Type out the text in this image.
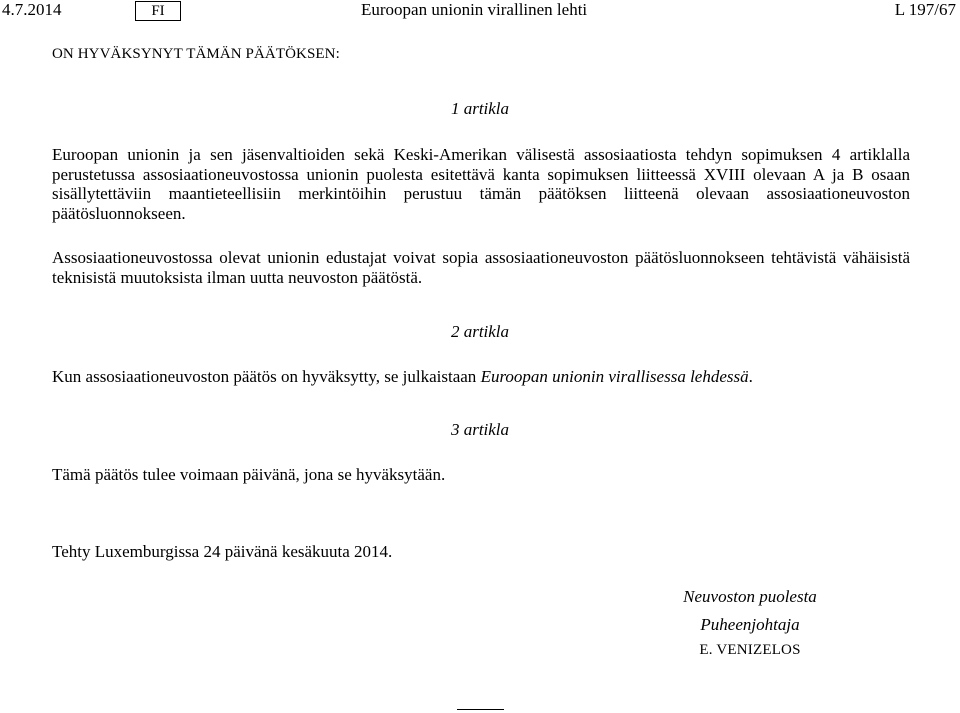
4.7.2014	FI	Euroopan unionin virallinen lehti	L 197/67
ON HYVÄKSYNYT TÄMÄN PÄÄTÖKSEN:
1 artikla
Euroopan unionin ja sen jäsenvaltioiden sekä Keski-Amerikan välisestä assosiaatiosta tehdyn sopimuksen 4 artiklalla perustetussa assosiaationeuvostossa unionin puolesta esitettävä kanta sopimuksen liitteessä XVIII olevaan A ja B osaan sisällytettäviin maantieteellisiin merkintöihin perustuu tämän päätöksen liitteenä olevaan assosiaationeuvoston päätösluonnokseen.
Assosiaationeuvostossa olevat unionin edustajat voivat sopia assosiaationeuvoston päätösluonnokseen tehtävistä vähäisistä teknisistä muutoksista ilman uutta neuvoston päätöstä.
2 artikla
Kun assosiaationeuvoston päätös on hyväksytty, se julkaistaan Euroopan unionin virallisessa lehdessä.
3 artikla
Tämä päätös tulee voimaan päivänä, jona se hyväksytään.
Tehty Luxemburgissa 24 päivänä kesäkuuta 2014.
Neuvoston puolesta
Puheenjohtaja
E. VENIZELOS
